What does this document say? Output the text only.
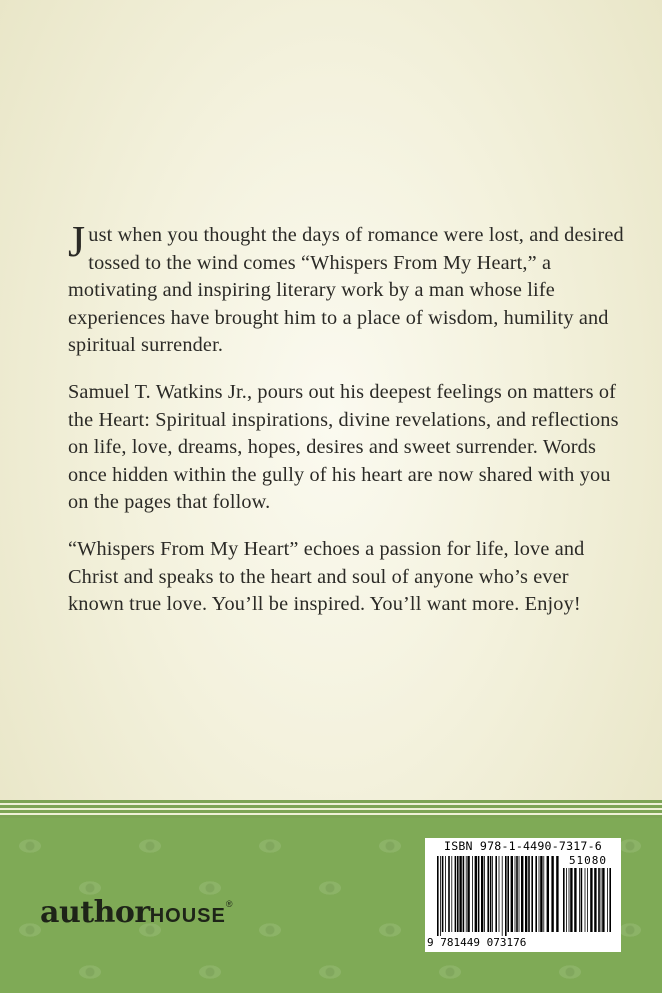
Just when you thought the days of romance were lost, and desired tossed to the wind comes “Whispers From My Heart,” a motivating and inspiring literary work by a man whose life experiences have brought him to a place of wisdom, humility and spiritual surrender.

Samuel T. Watkins Jr., pours out his deepest feelings on matters of the Heart: Spiritual inspirations, divine revelations, and reflections on life, love, dreams, hopes, desires and sweet surrender. Words once hidden within the gully of his heart are now shared with you on the pages that follow.

“Whispers From My Heart” echoes a passion for life, love and Christ and speaks to the heart and soul of anyone who’s ever known true love. You’ll be inspired. You’ll want more. Enjoy!

authorHOUSE®
ISBN 978-1-4490-7317-6
51080
9 781449 073176
